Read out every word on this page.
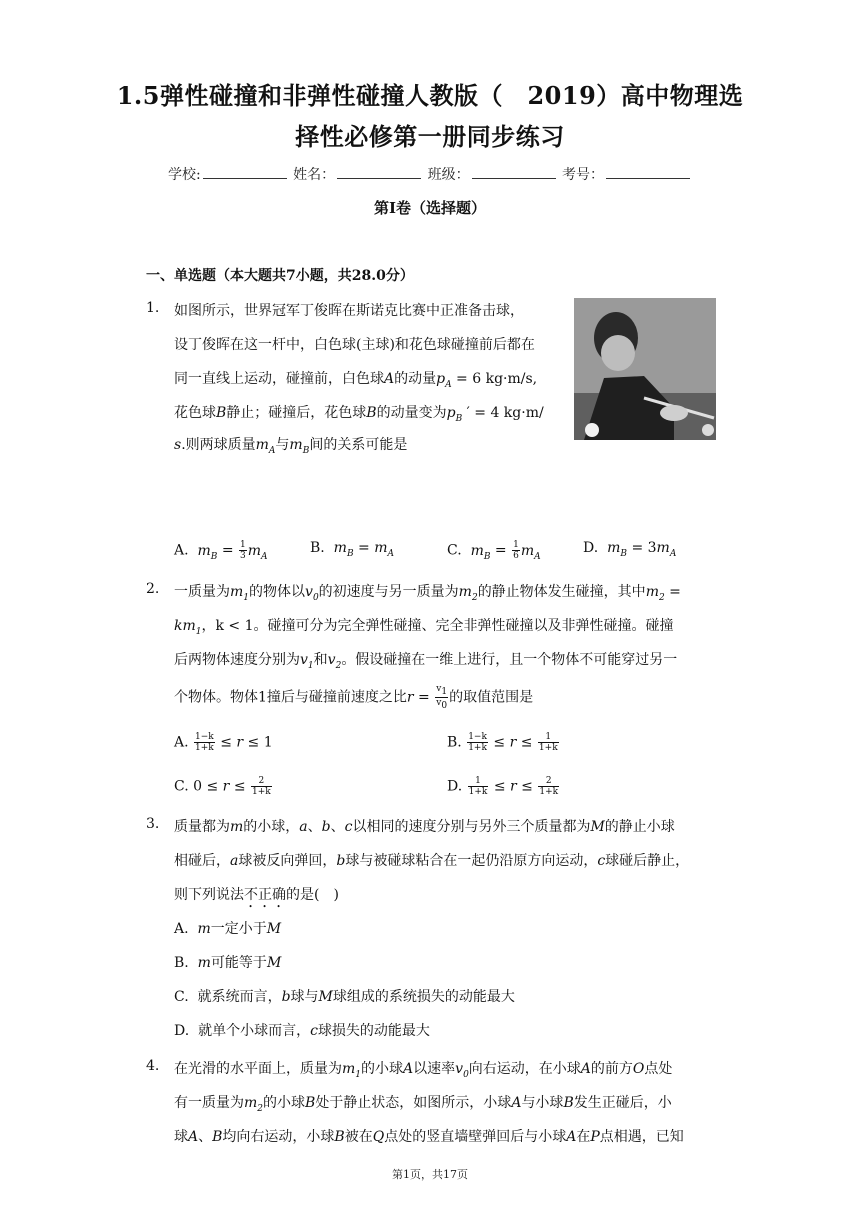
1.5弹性碰撞和非弹性碰撞人教版（　2019）高中物理选
择性必修第一册同步练习
学校:	姓名：	班级：	考号：
第I卷（选择题）
一、单选题（本大题共7小题，共28.0分）
1. 如图所示，世界冠军丁俊晖在斯诺克比赛中正准备击球，
设丁俊晖在这一杆中，白色球(主球)和花色球碰撞前后都在
同一直线上运动，碰撞前，白色球A的动量$p_A = 6$ kg·m/s,
花色球B静止；碰撞后，花色球B的动量变为$p_B$ ′ = 4 kg·m/
s.则两球质量$m_A$与$m_B$间的关系可能是
A. $m_B = \frac{1}{3} m_A$
B. $m_B = m_A$	C. $m_B = \frac{1}{6} m_A$
D. $m_B = 3m_A$
2. 一质量为$m_1$的物体以$v_0$的初速度与另一质量为$m_2$的静止物体发生碰撞，其中$m_2$ =
$km_1$，k < 1。碰撞可分为完全弹性碰撞、完全非弹性碰撞以及非弹性碰撞。碰撞
后两物体速度分别为$v_1$和$v_2$。假设碰撞在一维上进行，且一个物体不可能穿过另一
个物体。物体1撞后与碰撞前速度之比$r = \frac{v_1}{v_0}$ 的取值范围是
A. $\frac{1-k}{1+k} \le r \le 1$	B. $\frac{1-k}{1+k} \le r \le \frac{1}{1+k}$
C. $0 \le r \le \frac{2}{1+k}$	D. $\frac{1}{1+k} \le r \le \frac{2}{1+k}$
3. 质量都为m的小球，a、b、c以相同的速度分别与另外三个质量都为M的静止小球
相碰后，a球被反向弹回，b球与被碰球粘合在一起仍沿原方向运动，c球碰后静止，
则下列说法不正确的是(　)
A. m一定小于M
B. m可能等于M
C. 就系统而言，b球与M球组成的系统损失的动能最大
D. 就单个小球而言，c球损失的动能最大
4. 在光滑的水平面上，质量为$m_1$的小球A以速率$v_0$向右运动，在小球A的前方O点处
有一质量为$m_2$的小球B处于静止状态，如图所示，小球A与小球B发生正碰后，小
球A、B均向右运动，小球B被在Q点处的竖直墙壁弹回后与小球A在P点相遇，已知
第1页，共17页
